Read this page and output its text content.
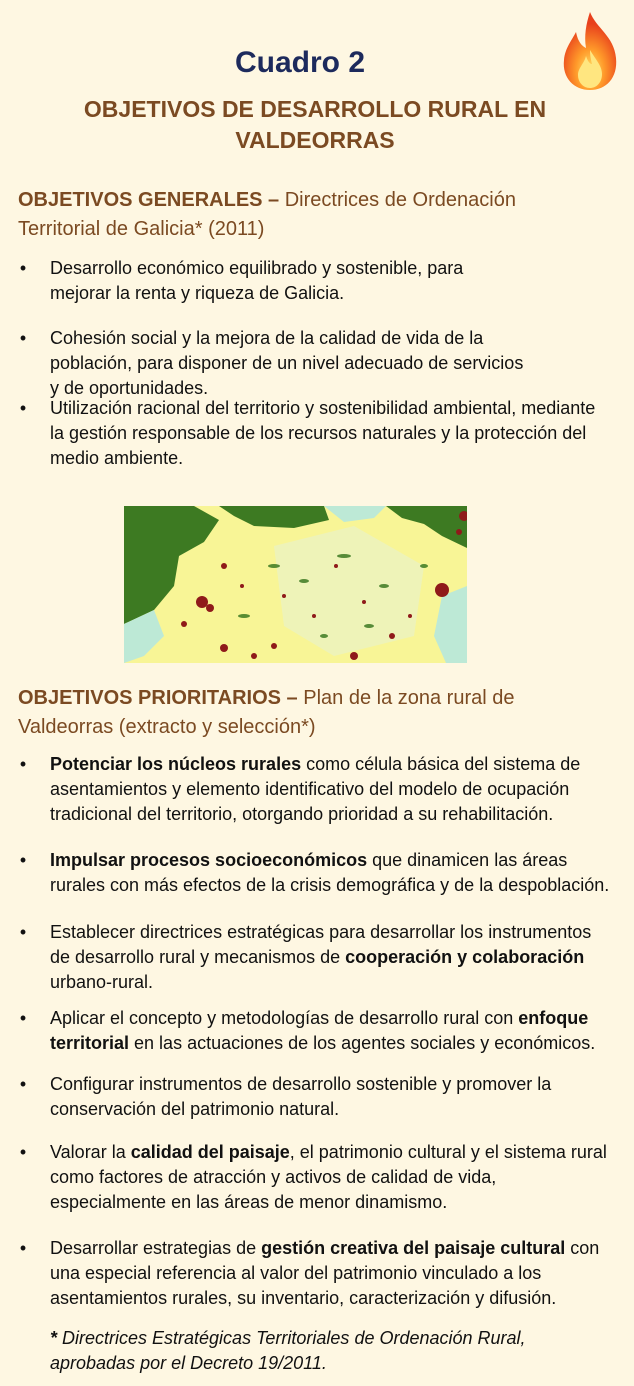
Cuadro 2
OBJETIVOS DE DESARROLLO RURAL EN
VALDEORRAS
OBJETIVOS GENERALES – Directrices de Ordenación
Territorial de Galicia* (2011)
• Desarrollo económico equilibrado y sostenible, para
mejorar la renta y riqueza de Galicia.
• Cohesión social y la mejora de la calidad de vida de la
población, para disponer de un nivel adecuado de servicios
y de oportunidades.
• Utilización racional del territorio y sostenibilidad ambiental, mediante
la gestión responsable de los recursos naturales y la protección del
medio ambiente.
OBJETIVOS PRIORITARIOS – Plan de la zona rural de
Valdeorras (extracto y selección*)
• Potenciar los núcleos rurales como célula básica del sistema de
asentamientos y elemento identificativo del modelo de ocupación
tradicional del territorio, otorgando prioridad a su rehabilitación.
• Impulsar procesos socioeconómicos que dinamicen las áreas
rurales con más efectos de la crisis demográfica y de la despoblación.
• Establecer directrices estratégicas para desarrollar los instrumentos
de desarrollo rural y mecanismos de cooperación y colaboración
urbano-rural.
• Aplicar el concepto y metodologías de desarrollo rural con enfoque
territorial en las actuaciones de los agentes sociales y económicos.
• Configurar instrumentos de desarrollo sostenible y promover la
conservación del patrimonio natural.
• Valorar la calidad del paisaje, el patrimonio cultural y el sistema rural
como factores de atracción y activos de calidad de vida,
especialmente en las áreas de menor dinamismo.
• Desarrollar estrategias de gestión creativa del paisaje cultural con
una especial referencia al valor del patrimonio vinculado a los
asentamientos rurales, su inventario, caracterización y difusión.
* Directrices Estratégicas Territoriales de Ordenación Rural,
aprobadas por el Decreto 19/2011.
